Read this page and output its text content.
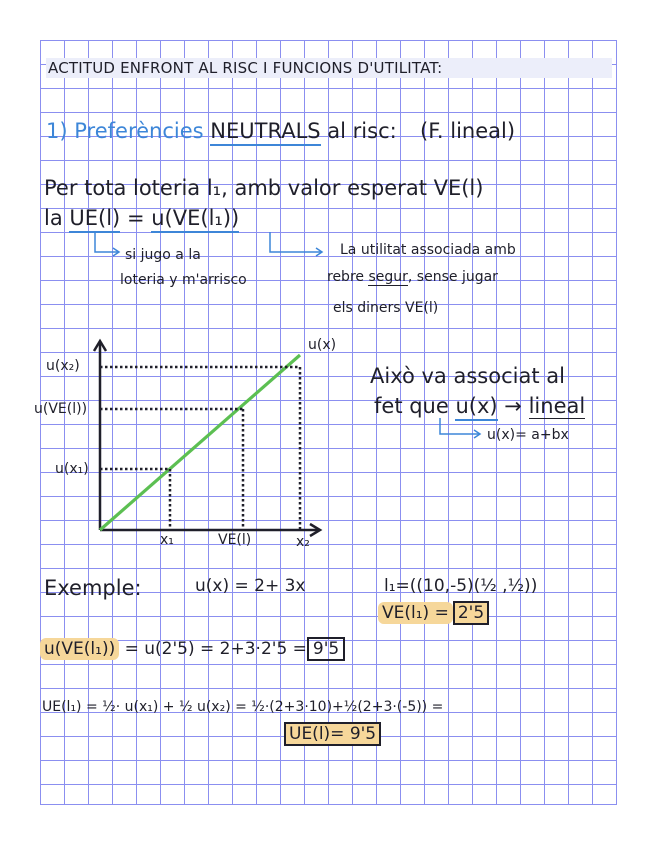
ACTITUD ENFRONT AL RISC I FUNCIONS D'UTILITAT:
1) Preferències NEUTRALS al risc: (F. lineal)
Per tota loteria l₁, amb valor esperat VE(l)
la UE(l) = u(VE(l₁))
si jugo a la
loteria y m'arrisco
La utilitat associada amb
rebre segur, sense jugar
els diners VE(l)
u(x)
u(x₂)
u(VE(l))
u(x₁)
x₁	VE(l)	x₂
Això va associat al
fet que u(x) → lineal
u(x)= a+bx
Exemple:	u(x) = 2+ 3x	l₁=((10,-5)(½ ,½))
VE(l₁) = 2'5
u(VE(l₁)) = u(2'5) = 2+3·2'5 = 9'5
UE(l₁) = ½· u(x₁) + ½ u(x₂) = ½·(2+3·10)+½(2+3·(-5)) =
UE(l)= 9'5
